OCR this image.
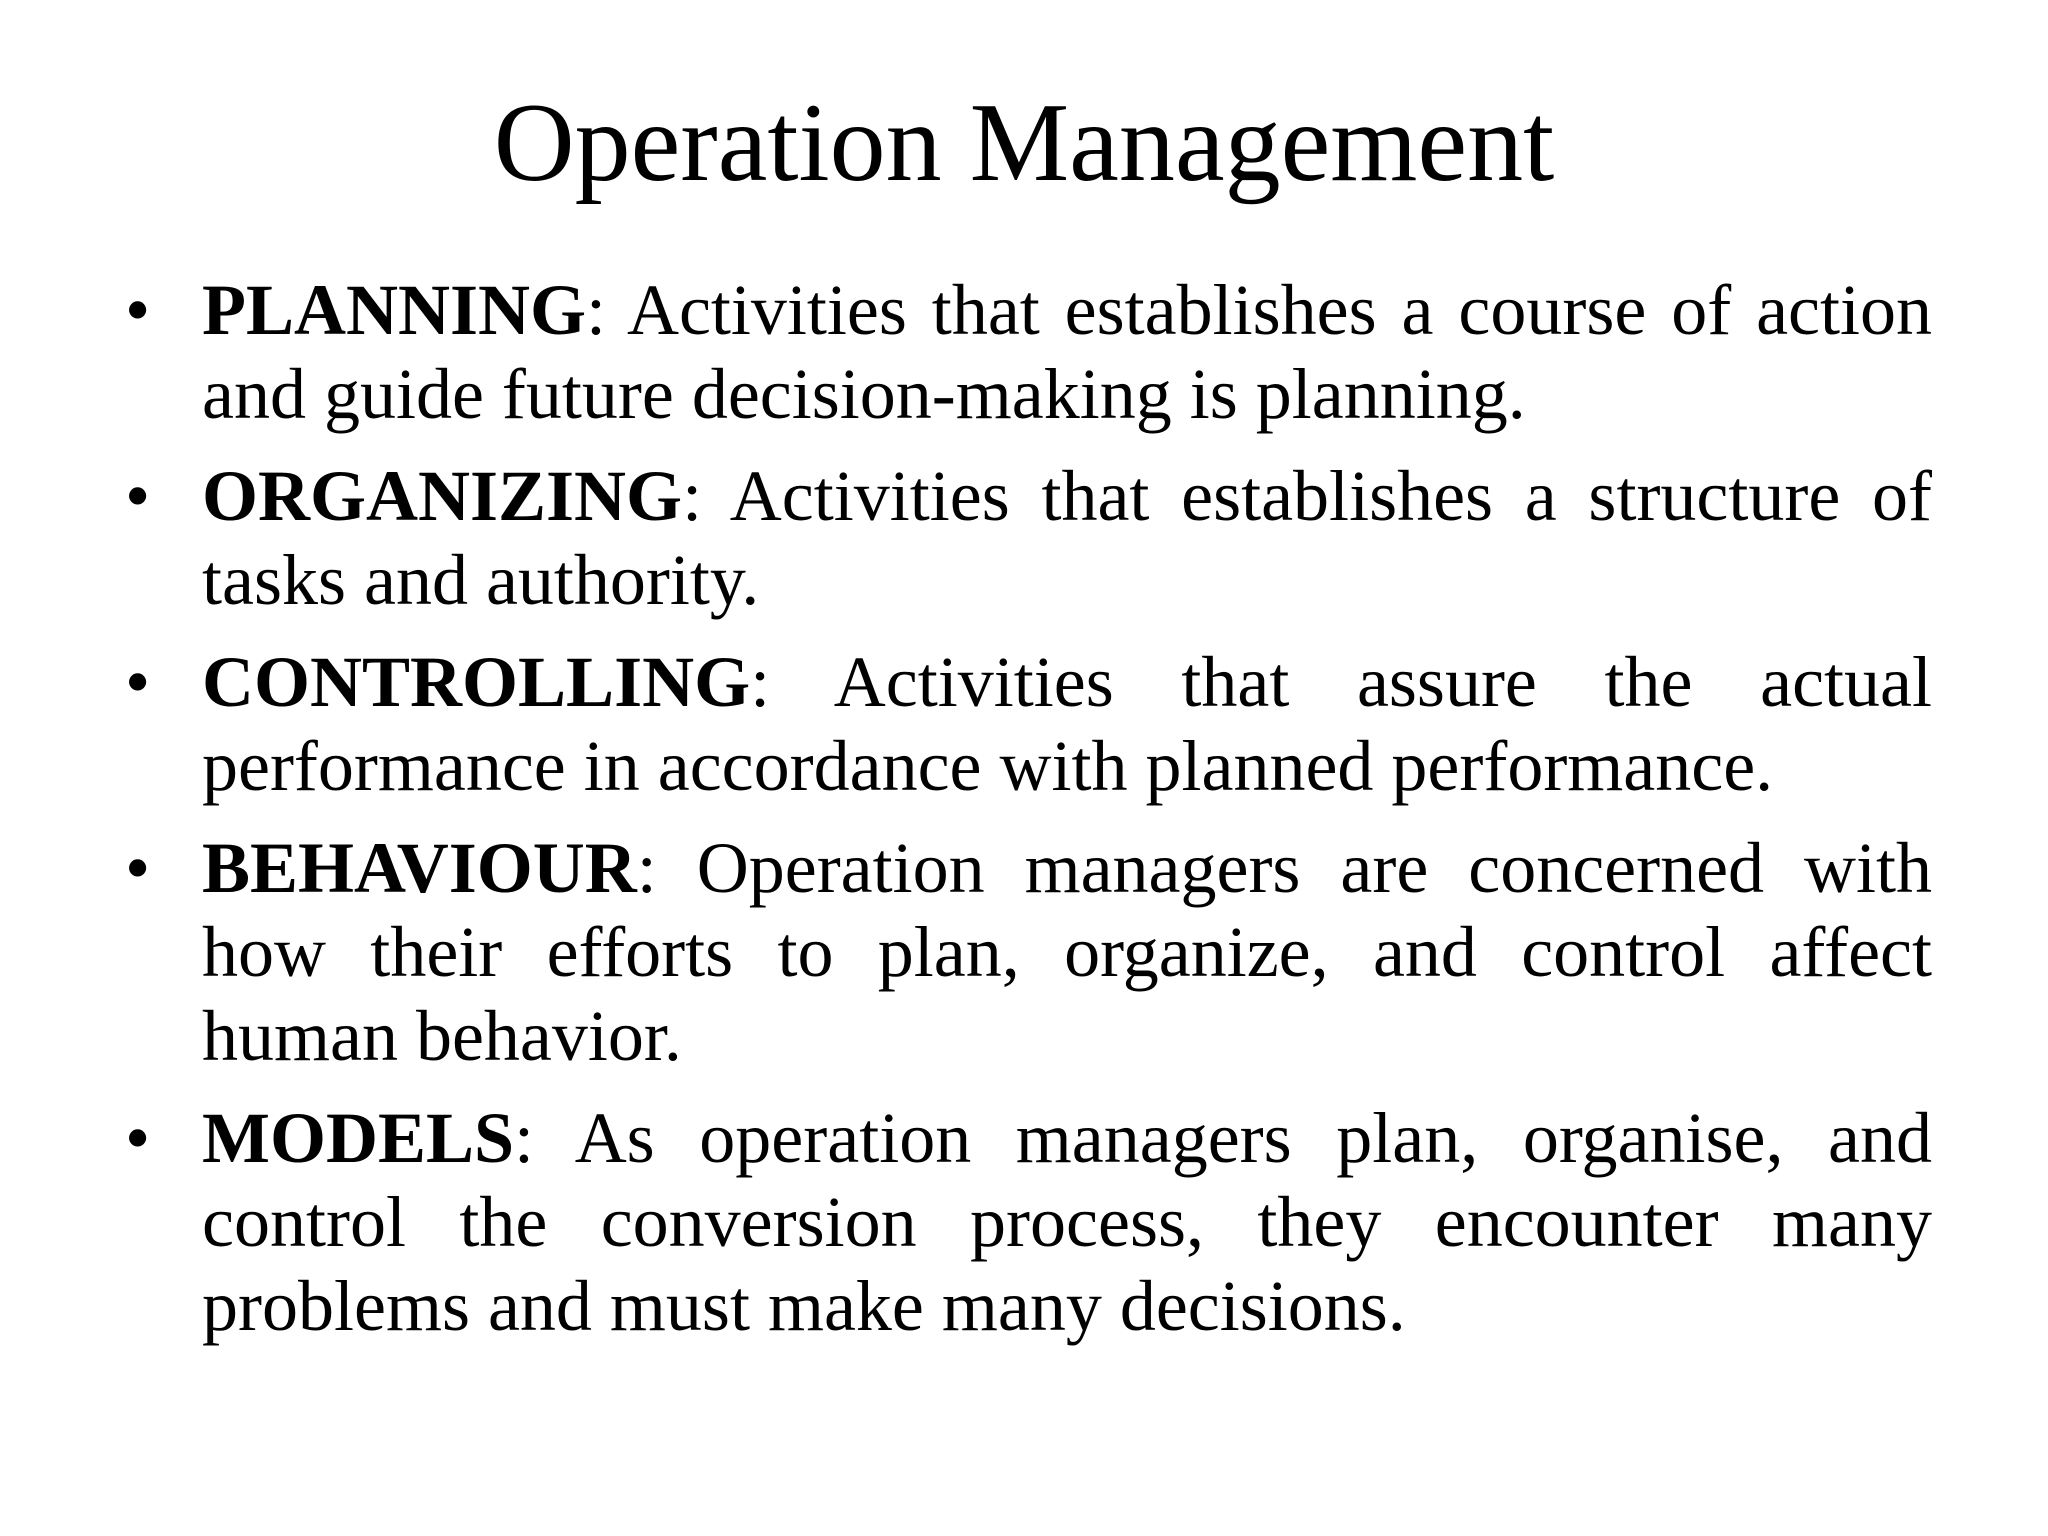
Operation Management
• PLANNING: Activities that establishes a course of action and guide future decision-making is planning.
• ORGANIZING: Activities that establishes a structure of tasks and authority.
• CONTROLLING: Activities that assure the actual performance in accordance with planned performance.
• BEHAVIOUR: Operation managers are concerned with how their efforts to plan, organize, and control affect human behavior.
• MODELS: As operation managers plan, organise, and control the conversion process, they encounter many problems and must make many decisions.
